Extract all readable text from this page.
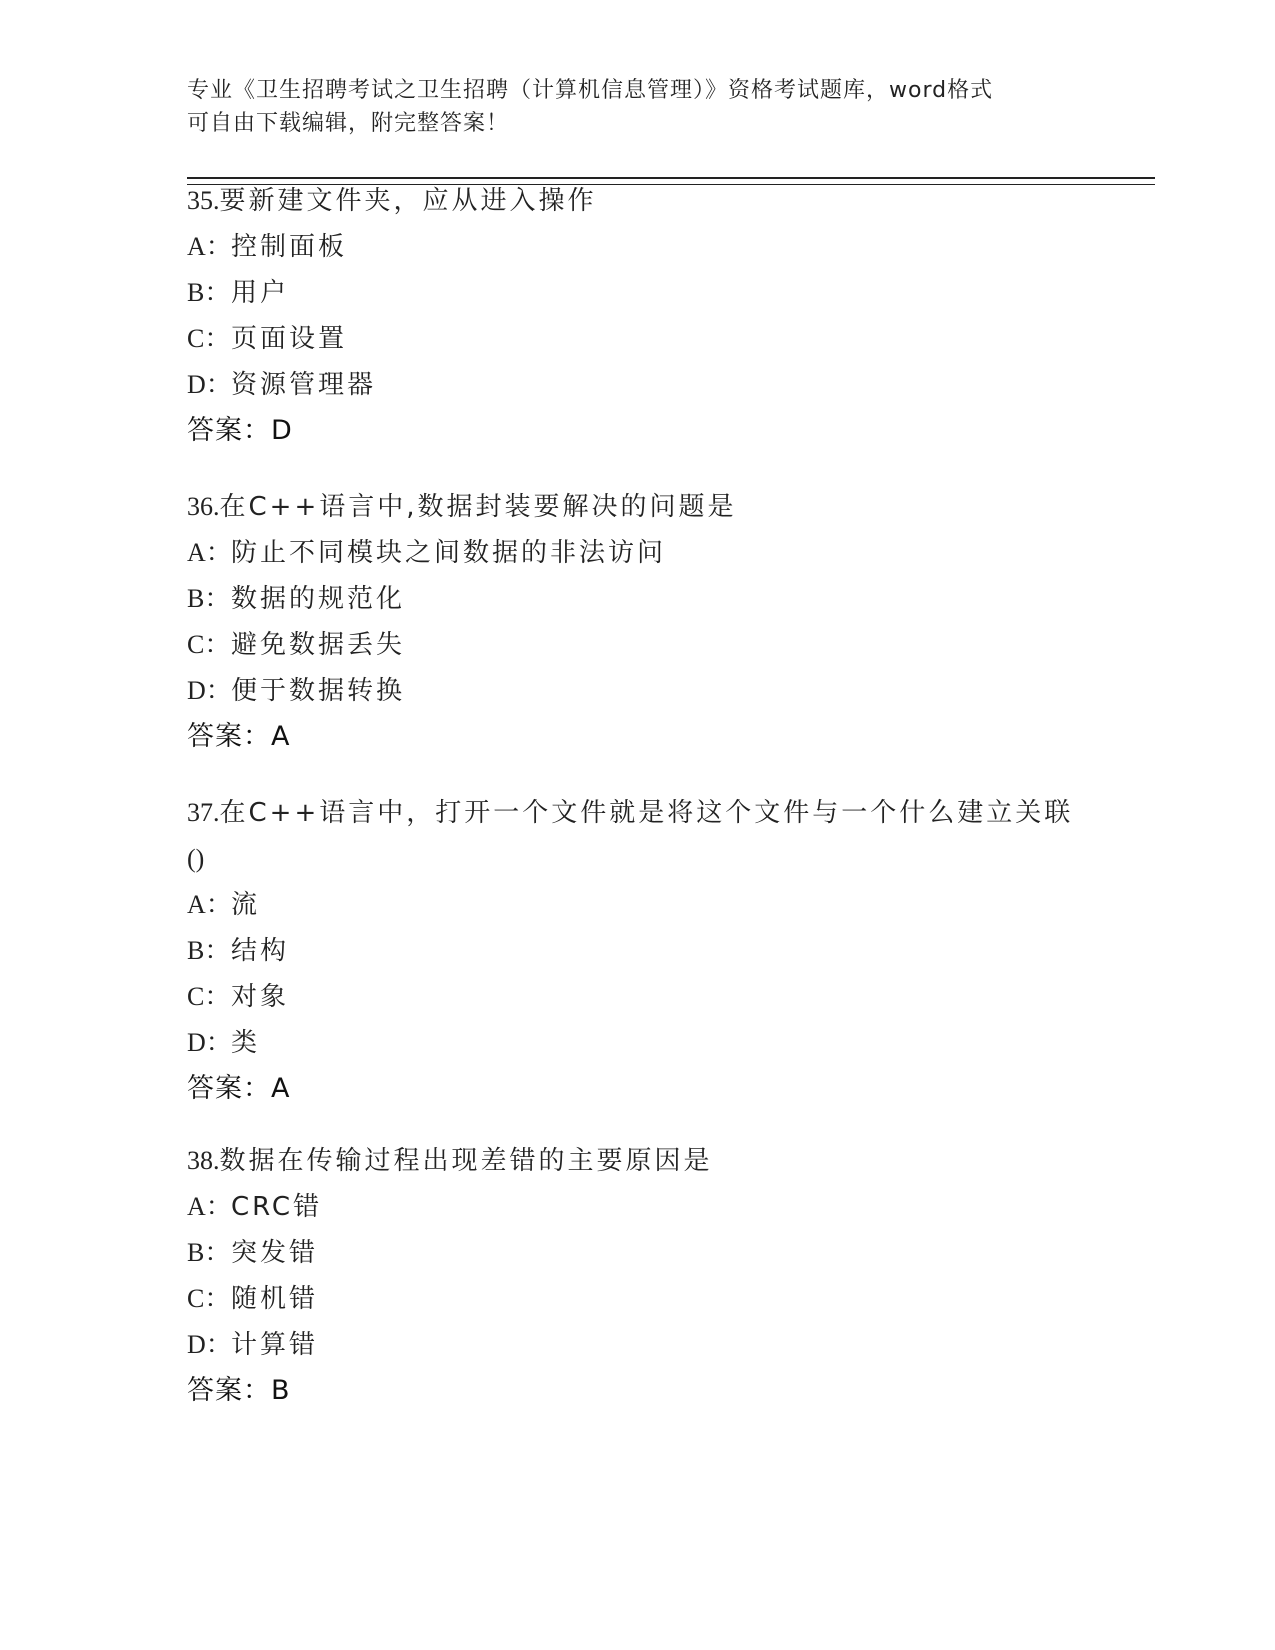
专业《卫生招聘考试之卫生招聘（计算机信息管理）》资格考试题库，word格式
可自由下载编辑，附完整答案！
35.要新建文件夹，应从进入操作
A：控制面板
B：用户
C：页面设置
D：资源管理器
答案：D
36.在C++语言中,数据封装要解决的问题是
A：防止不同模块之间数据的非法访问
B：数据的规范化
C：避免数据丢失
D：便于数据转换
答案：A
37.在C++语言中，打开一个文件就是将这个文件与一个什么建立关联
()
A：流
B：结构
C：对象
D：类
答案：A
38.数据在传输过程出现差错的主要原因是
A：CRC错
B：突发错
C：随机错
D：计算错
答案：B
